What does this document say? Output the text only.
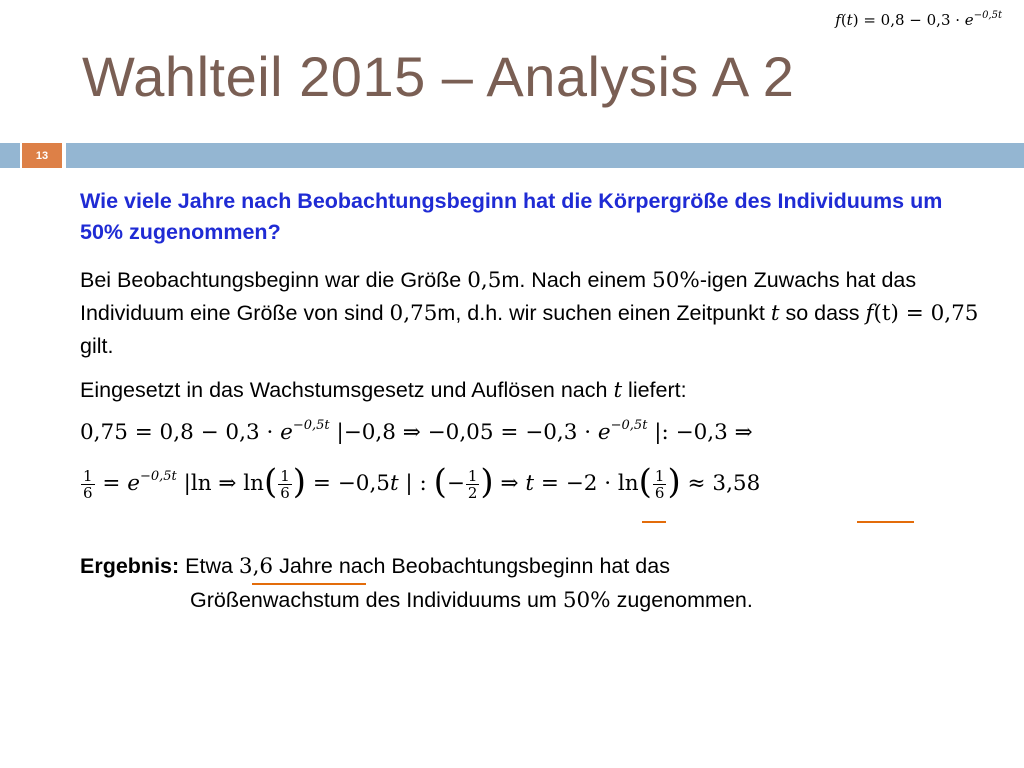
$f(t) = 0,8 - 0,3 \cdot e^{-0,5t}$
Wahlteil 2015 – Analysis A 2
13
Wie viele Jahre nach Beobachtungsbeginn hat die Körpergröße des Individuums um 50% zugenommen?
Bei Beobachtungsbeginn war die Größe 0,5m. Nach einem 50%-igen Zuwachs hat das Individuum eine Größe von sind 0,75m, d.h. wir suchen einen Zeitpunkt t so dass f(t) = 0,75 gilt.
Eingesetzt in das Wachstumsgesetz und Auflösen nach t liefert:
$0,75 = 0,8 - 0,3 \cdot e^{-0,5t}$ |−0,8 ⇒ $-0,05 = -0,3 \cdot e^{-0,5t}$ |: −0,3 ⇒
$\frac{1}{6} = e^{-0,5t}$ |ln ⇒ $\ln( \frac{1}{6}$ ) = −0,5t | : (− $\frac{1}{2}$ ) ⇒ $t = -2 \cdot \ln( \frac{1}{6}$ ) ≈ 3,58
Ergebnis: Etwa 3,6 Jahre nach Beobachtungsbeginn hat das
Größenwachstum des Individuums um 50% zugenommen.
